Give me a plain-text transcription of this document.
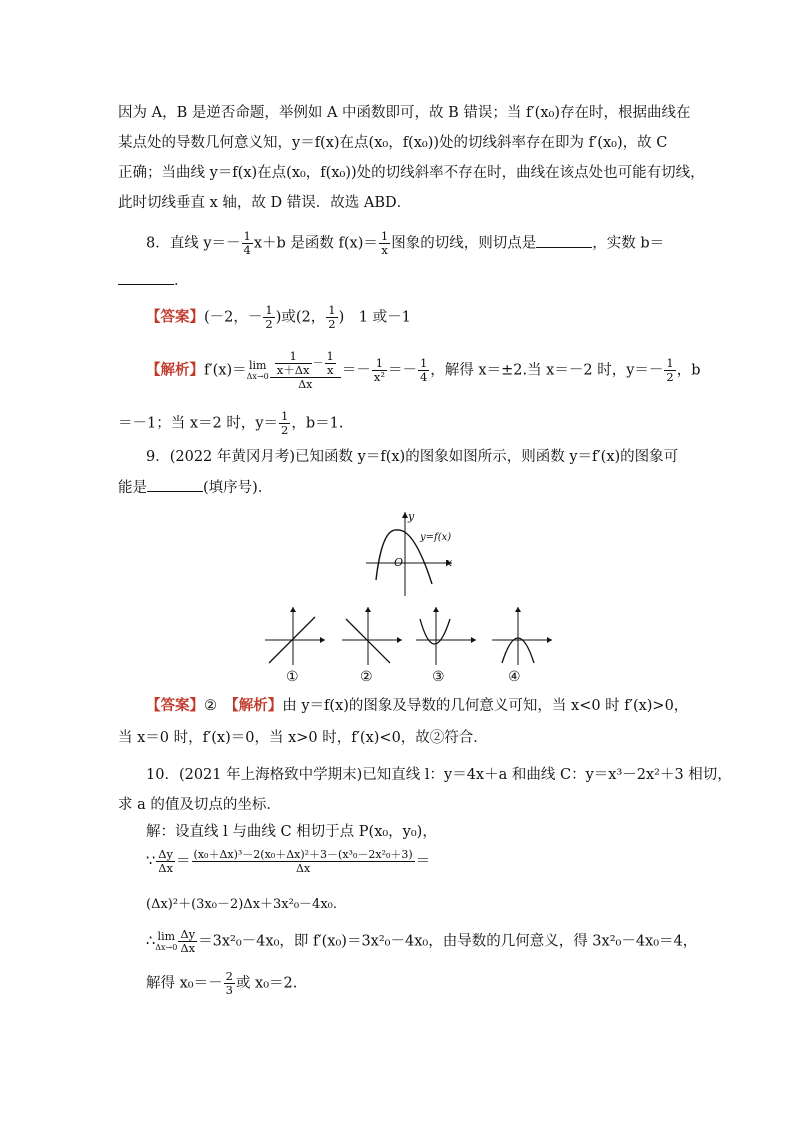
因为 A，B 是逆否命题，举例如 A 中函数即可，故 B 错误；当 f′(x₀)存在时，根据曲线在
某点处的导数几何意义知，y＝f(x)在点(x₀，f(x₀))处的切线斜率存在即为 f′(x₀)，故 C
正确；当曲线 y＝f(x)在点(x₀，f(x₀))处的切线斜率不存在时，曲线在该点处也可能有切线，
此时切线垂直 x 轴，故 D 错误．故选 ABD．
8．直线 $y=- \frac{1}{4} x+b$ 是函数 $f(x)= \frac{1}{x}$ 图象的切线，则切点是	，实数 b＝
．
【答案】(－2，－ $\frac{1}{2}$ )或(2， $\frac{1}{2}$ )　1 或－1
【解析】f′(x)＝ lim
$\Delta x\to 0 \frac{\frac{1}{x+\Delta x} - \frac{1}{x}}{\Delta x} =- \frac{1}{\text{x²}} =- \frac{1}{4}$ ，解得 x＝±2.当 x＝－2 时，$y=- \frac{1}{2}$ ，b
＝－1；当 x＝2 时，$y= \frac{1}{2}$ ，b＝1.
9．(2022 年黄冈月考)已知函数 y＝f(x)的图象如图所示，则函数 y＝f′(x)的图象可
能是	(填序号)．
y
y=f(x)
O	x
①	②	③	④
【答案】②　【解析】由 y＝f(x)的图象及导数的几何意义可知，当 x<0 时 f′(x)>0，
当 x＝0 时，f′(x)＝0，当 x>0 时，f′(x)<0，故②符合．
10．(2021 年上海格致中学期末)已知直线 l：y＝4x＋a 和曲线 C：y＝x³－2x²＋3 相切，
求 a 的值及切点的坐标．
解：设直线 l 与曲线 C 相切于点 P(x₀，y₀)，
∵ $\frac{\Delta y}{\Delta x} = \frac{\text{(x₀＋Δx)³－2(x₀＋Δx)²＋3－(x³₀－2x²₀＋3)}}{\Delta x}$ ＝
(Δx)²＋(3x₀－2)Δx＋3x²₀－4x₀.
∴ lim
$\Delta x\to 0 \frac{\Delta y}{\Delta x} =3x^2_0-4x_0$，即 f′(x₀)＝3x²₀－4x₀，由导数的几何意义，得 3x²₀－4x₀＝4，
解得 $x_0=- \frac{2}{3}$ 或 x₀＝2.
